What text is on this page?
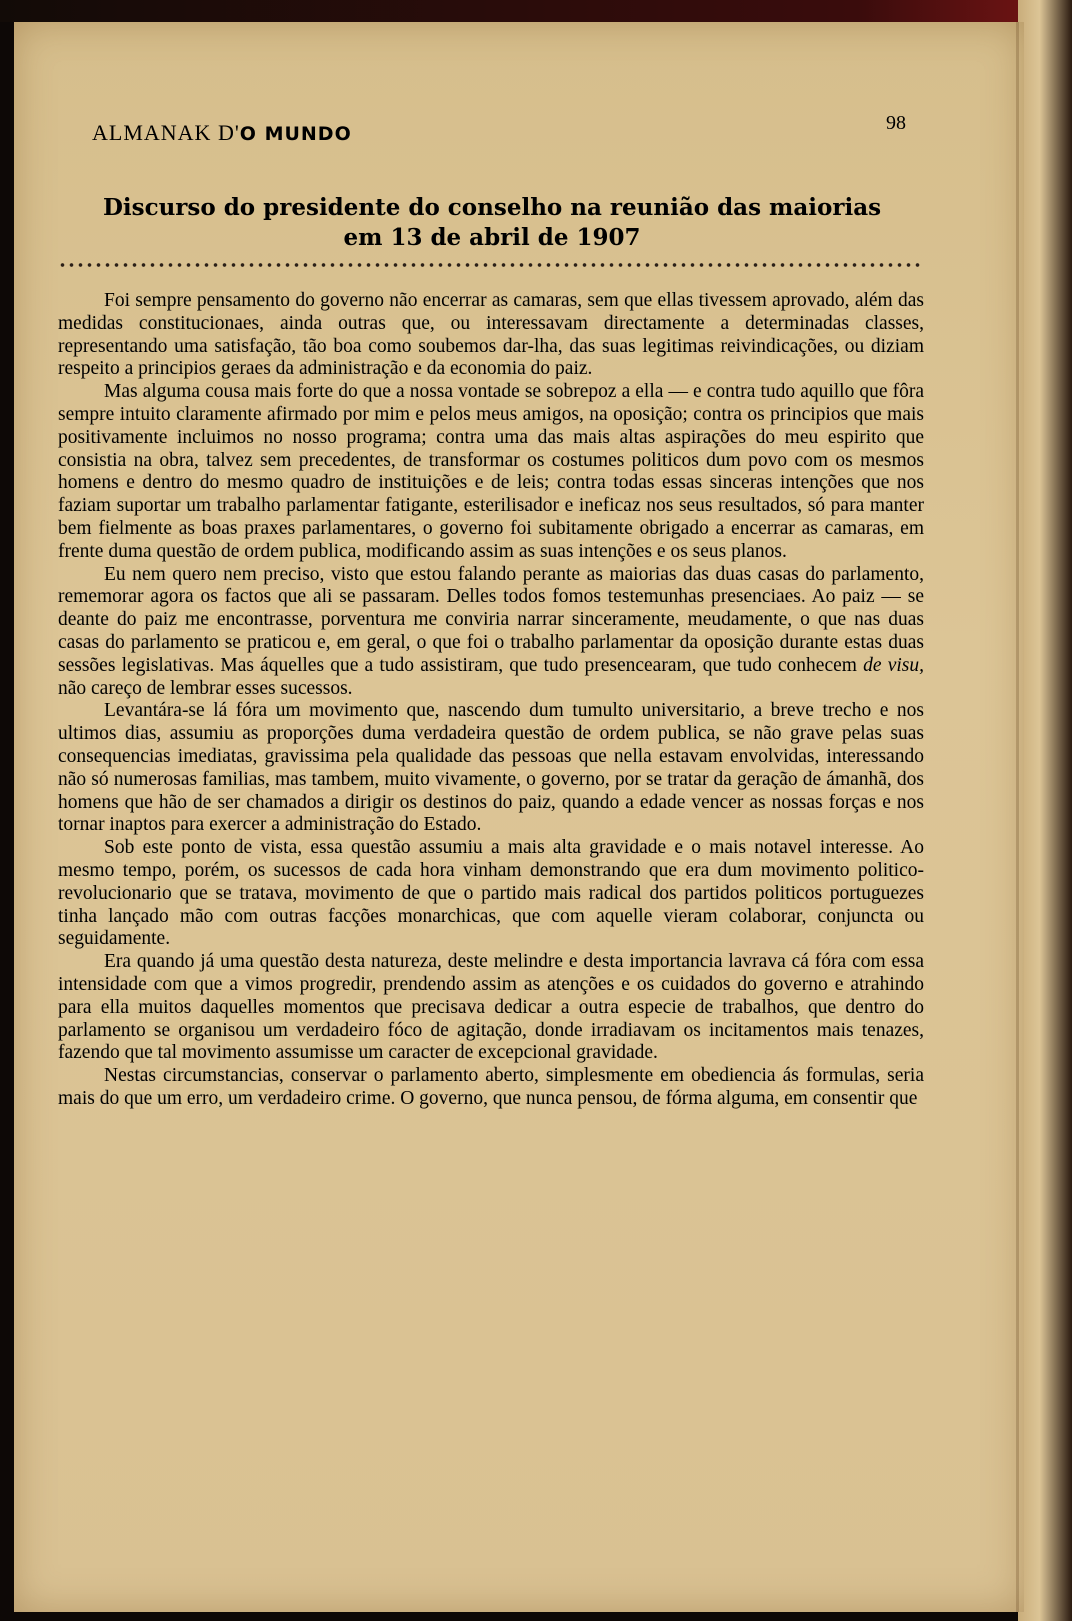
ALMANAK D'O MUNDO	98
Discurso do presidente do conselho na reunião das maiorias
em 13 de abril de 1907

Foi sempre pensamento do governo não encerrar as camaras, sem que ellas tivessem aprovado, além das medidas constitucionaes, ainda outras que, ou interessavam directamente a determinadas classes, representando uma satisfação, tão boa como soubemos dar-lha, das suas legitimas reivindicações, ou diziam respeito a principios geraes da administração e da economia do paiz.

Mas alguma cousa mais forte do que a nossa vontade se sobrepoz a ella — e contra tudo aquillo que fôra sempre intuito claramente afirmado por mim e pelos meus amigos, na oposição; contra os principios que mais positivamente incluimos no nosso programa; contra uma das mais altas aspirações do meu espirito que consistia na obra, talvez sem precedentes, de transformar os costumes politicos dum povo com os mesmos homens e dentro do mesmo quadro de instituições e de leis; contra todas essas sinceras intenções que nos faziam suportar um trabalho parlamentar fatigante, esterilisador e ineficaz nos seus resultados, só para manter bem fielmente as boas praxes parlamentares, o governo foi subitamente obrigado a encerrar as camaras, em frente duma questão de ordem publica, modificando assim as suas intenções e os seus planos.

Eu nem quero nem preciso, visto que estou falando perante as maiorias das duas casas do parlamento, rememorar agora os factos que ali se passaram. Delles todos fomos testemunhas presenciaes. Ao paiz — se deante do paiz me encontrasse, porventura me conviria narrar sinceramente, meudamente, o que nas duas casas do parlamento se praticou e, em geral, o que foi o trabalho parlamentar da oposição durante estas duas sessões legislativas. Mas áquelles que a tudo assistiram, que tudo presencearam, que tudo conhecem de visu, não careço de lembrar esses sucessos.

Levantára-se lá fóra um movimento que, nascendo dum tumulto universitario, a breve trecho e nos ultimos dias, assumiu as proporções duma verdadeira questão de ordem publica, se não grave pelas suas consequencias imediatas, gravissima pela qualidade das pessoas que nella estavam envolvidas, interessando não só numerosas familias, mas tambem, muito vivamente, o governo, por se tratar da geração de ámanhã, dos homens que hão de ser chamados a dirigir os destinos do paiz, quando a edade vencer as nossas forças e nos tornar inaptos para exercer a administração do Estado.

Sob este ponto de vista, essa questão assumiu a mais alta gravidade e o mais notavel interesse. Ao mesmo tempo, porém, os sucessos de cada hora vinham demonstrando que era dum movimento politico-revolucionario que se tratava, movimento de que o partido mais radical dos partidos politicos portuguezes tinha lançado mão com outras facções monarchicas, que com aquelle vieram colaborar, conjuncta ou seguidamente.

Era quando já uma questão desta natureza, deste melindre e desta importancia lavrava cá fóra com essa intensidade com que a vimos progredir, prendendo assim as atenções e os cuidados do governo e atrahindo para ella muitos daquelles momentos que precisava dedicar a outra especie de trabalhos, que dentro do parlamento se organisou um verdadeiro fóco de agitação, donde irradiavam os incitamentos mais tenazes, fazendo que tal movimento assumisse um caracter de excepcional gravidade.

Nestas circumstancias, conservar o parlamento aberto, simplesmente em obediencia ás formulas, seria mais do que um erro, um verdadeiro crime. O governo, que nunca pensou, de fórma alguma, em consentir que
